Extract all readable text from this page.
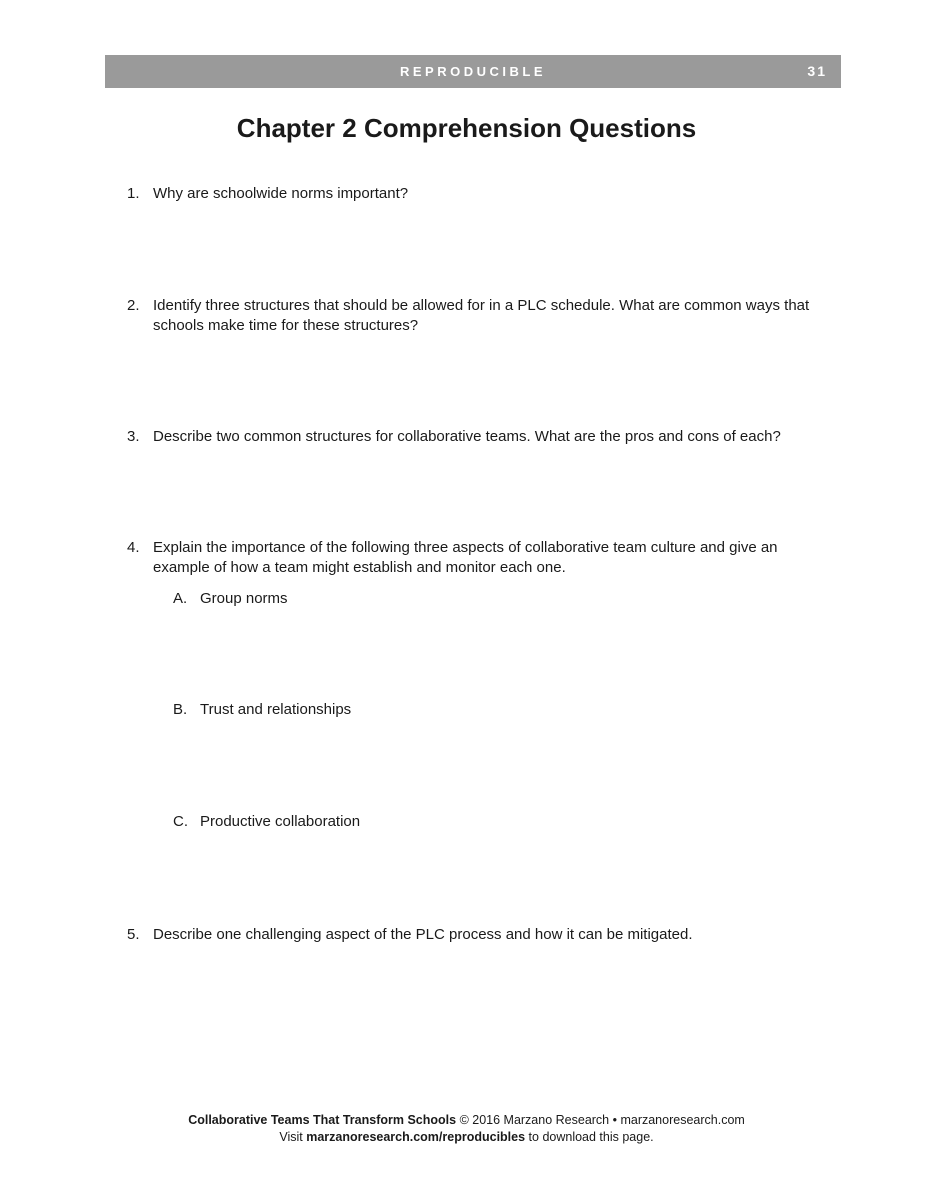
REPRODUCIBLE	31
Chapter 2 Comprehension Questions
1. Why are schoolwide norms important?
2. Identify three structures that should be allowed for in a PLC schedule. What are common ways that schools make time for these structures?
3. Describe two common structures for collaborative teams. What are the pros and cons of each?
4. Explain the importance of the following three aspects of collaborative team culture and give an example of how a team might establish and monitor each one.
A. Group norms
B. Trust and relationships
C. Productive collaboration
5. Describe one challenging aspect of the PLC process and how it can be mitigated.
Collaborative Teams That Transform Schools © 2016 Marzano Research • marzanoresearch.com
Visit marzanoresearch.com/reproducibles to download this page.
